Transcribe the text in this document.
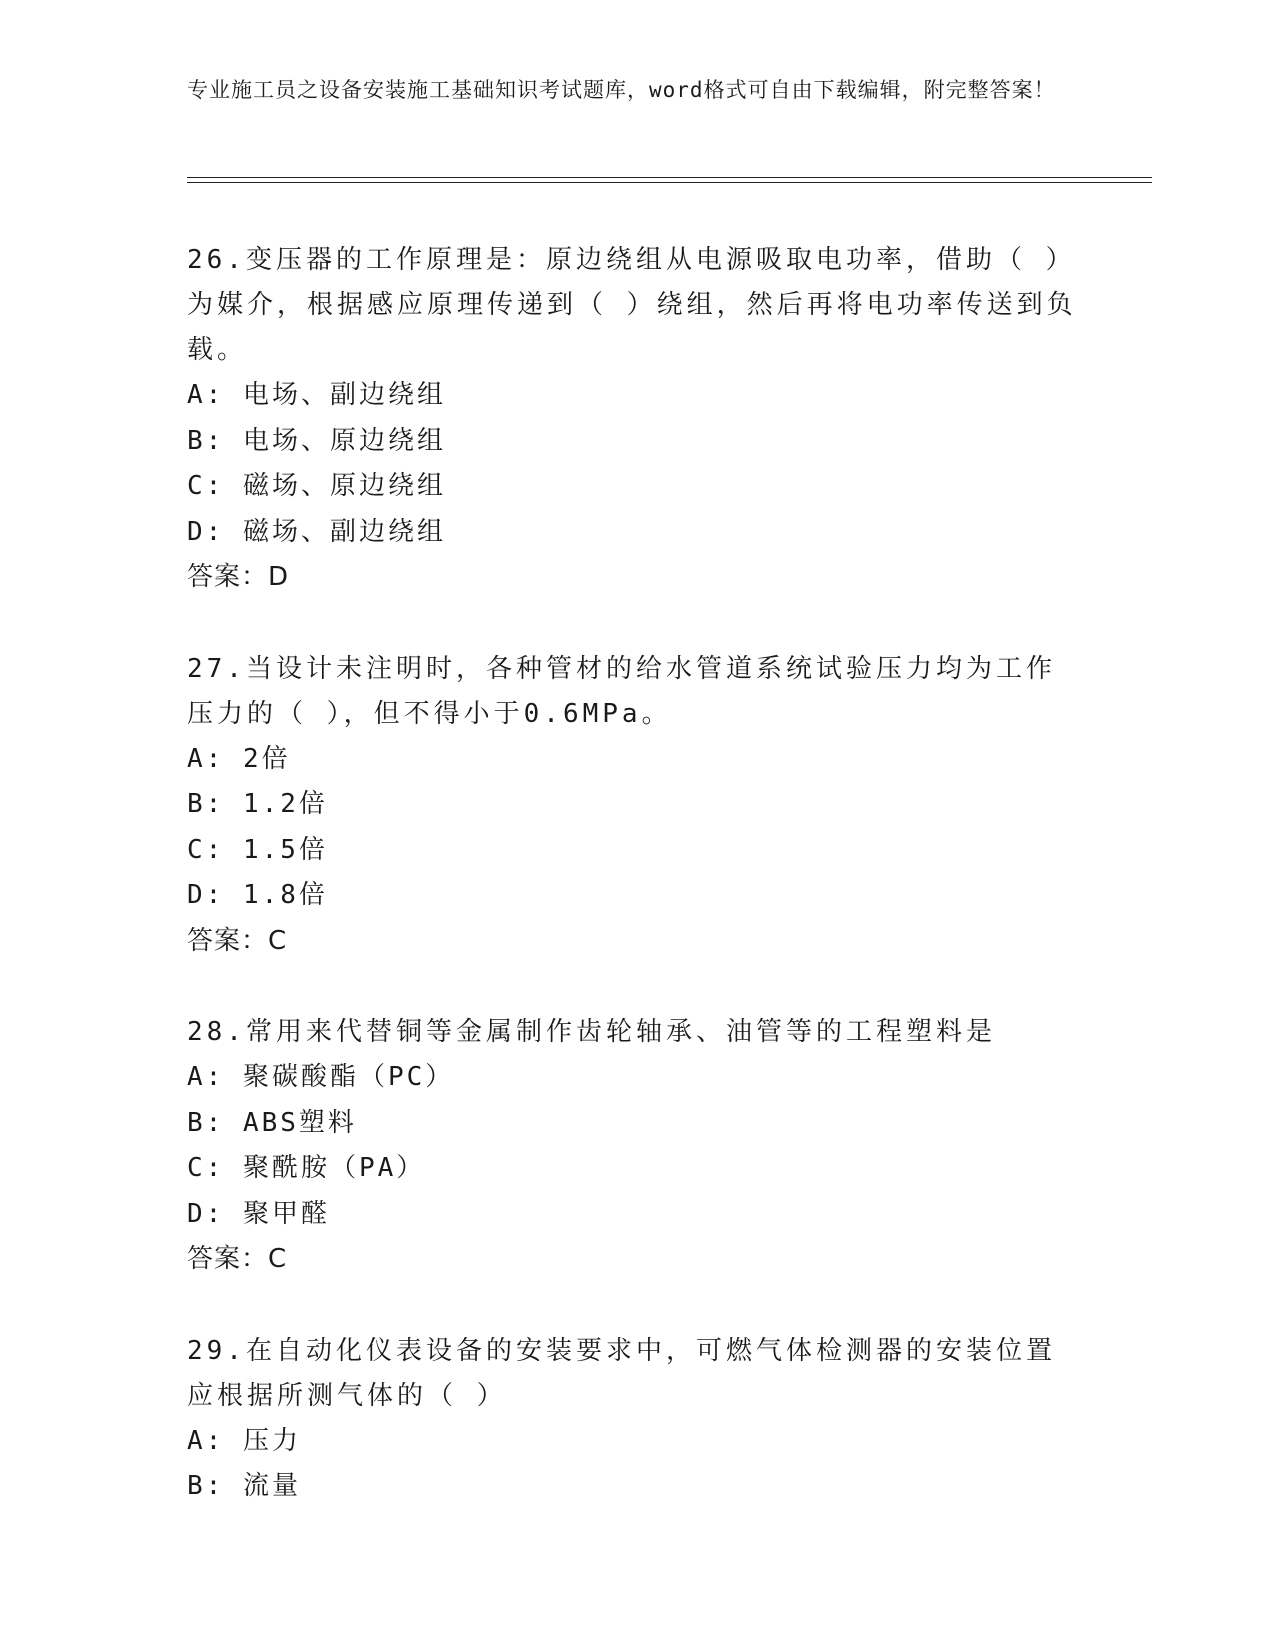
专业施工员之设备安装施工基础知识考试题库，word格式可自由下载编辑，附完整答案！
26.变压器的工作原理是：原边绕组从电源吸取电功率，借助（ ）为媒介，根据感应原理传递到（ ）绕组，然后再将电功率传送到负载。
A: 电场、副边绕组
B: 电场、原边绕组
C: 磁场、原边绕组
D: 磁场、副边绕组
答案：D
27.当设计未注明时，各种管材的给水管道系统试验压力均为工作压力的（ ），但不得小于0.6MPa。
A: 2倍
B: 1.2倍
C: 1.5倍
D: 1.8倍
答案：C
28.常用来代替铜等金属制作齿轮轴承、油管等的工程塑料是
A: 聚碳酸酯（PC）
B: ABS塑料
C: 聚酰胺（PA）
D: 聚甲醛
答案：C
29.在自动化仪表设备的安装要求中，可燃气体检测器的安装位置应根据所测气体的（ ）
A: 压力
B: 流量
